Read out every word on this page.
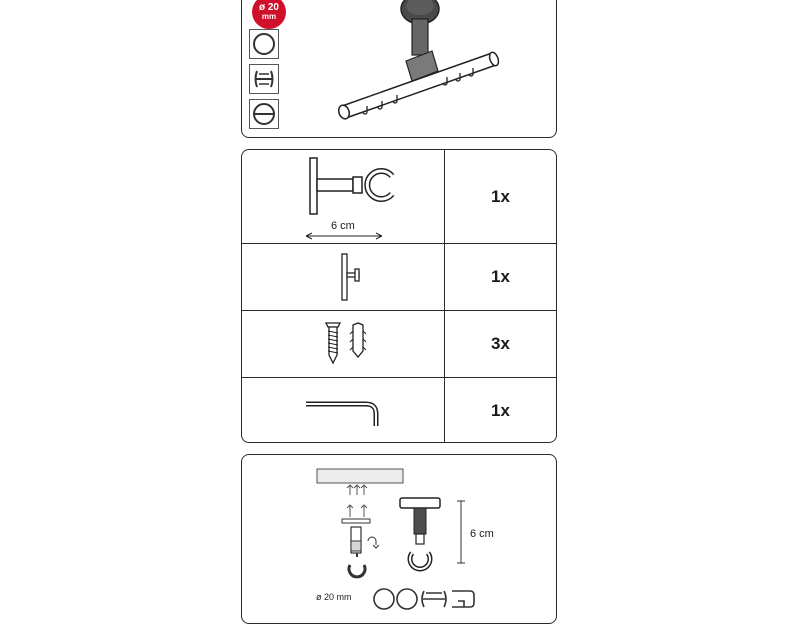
ø 20
mm
6 cm
1x
1x
3x
1x
6 cm
ø 20 mm
